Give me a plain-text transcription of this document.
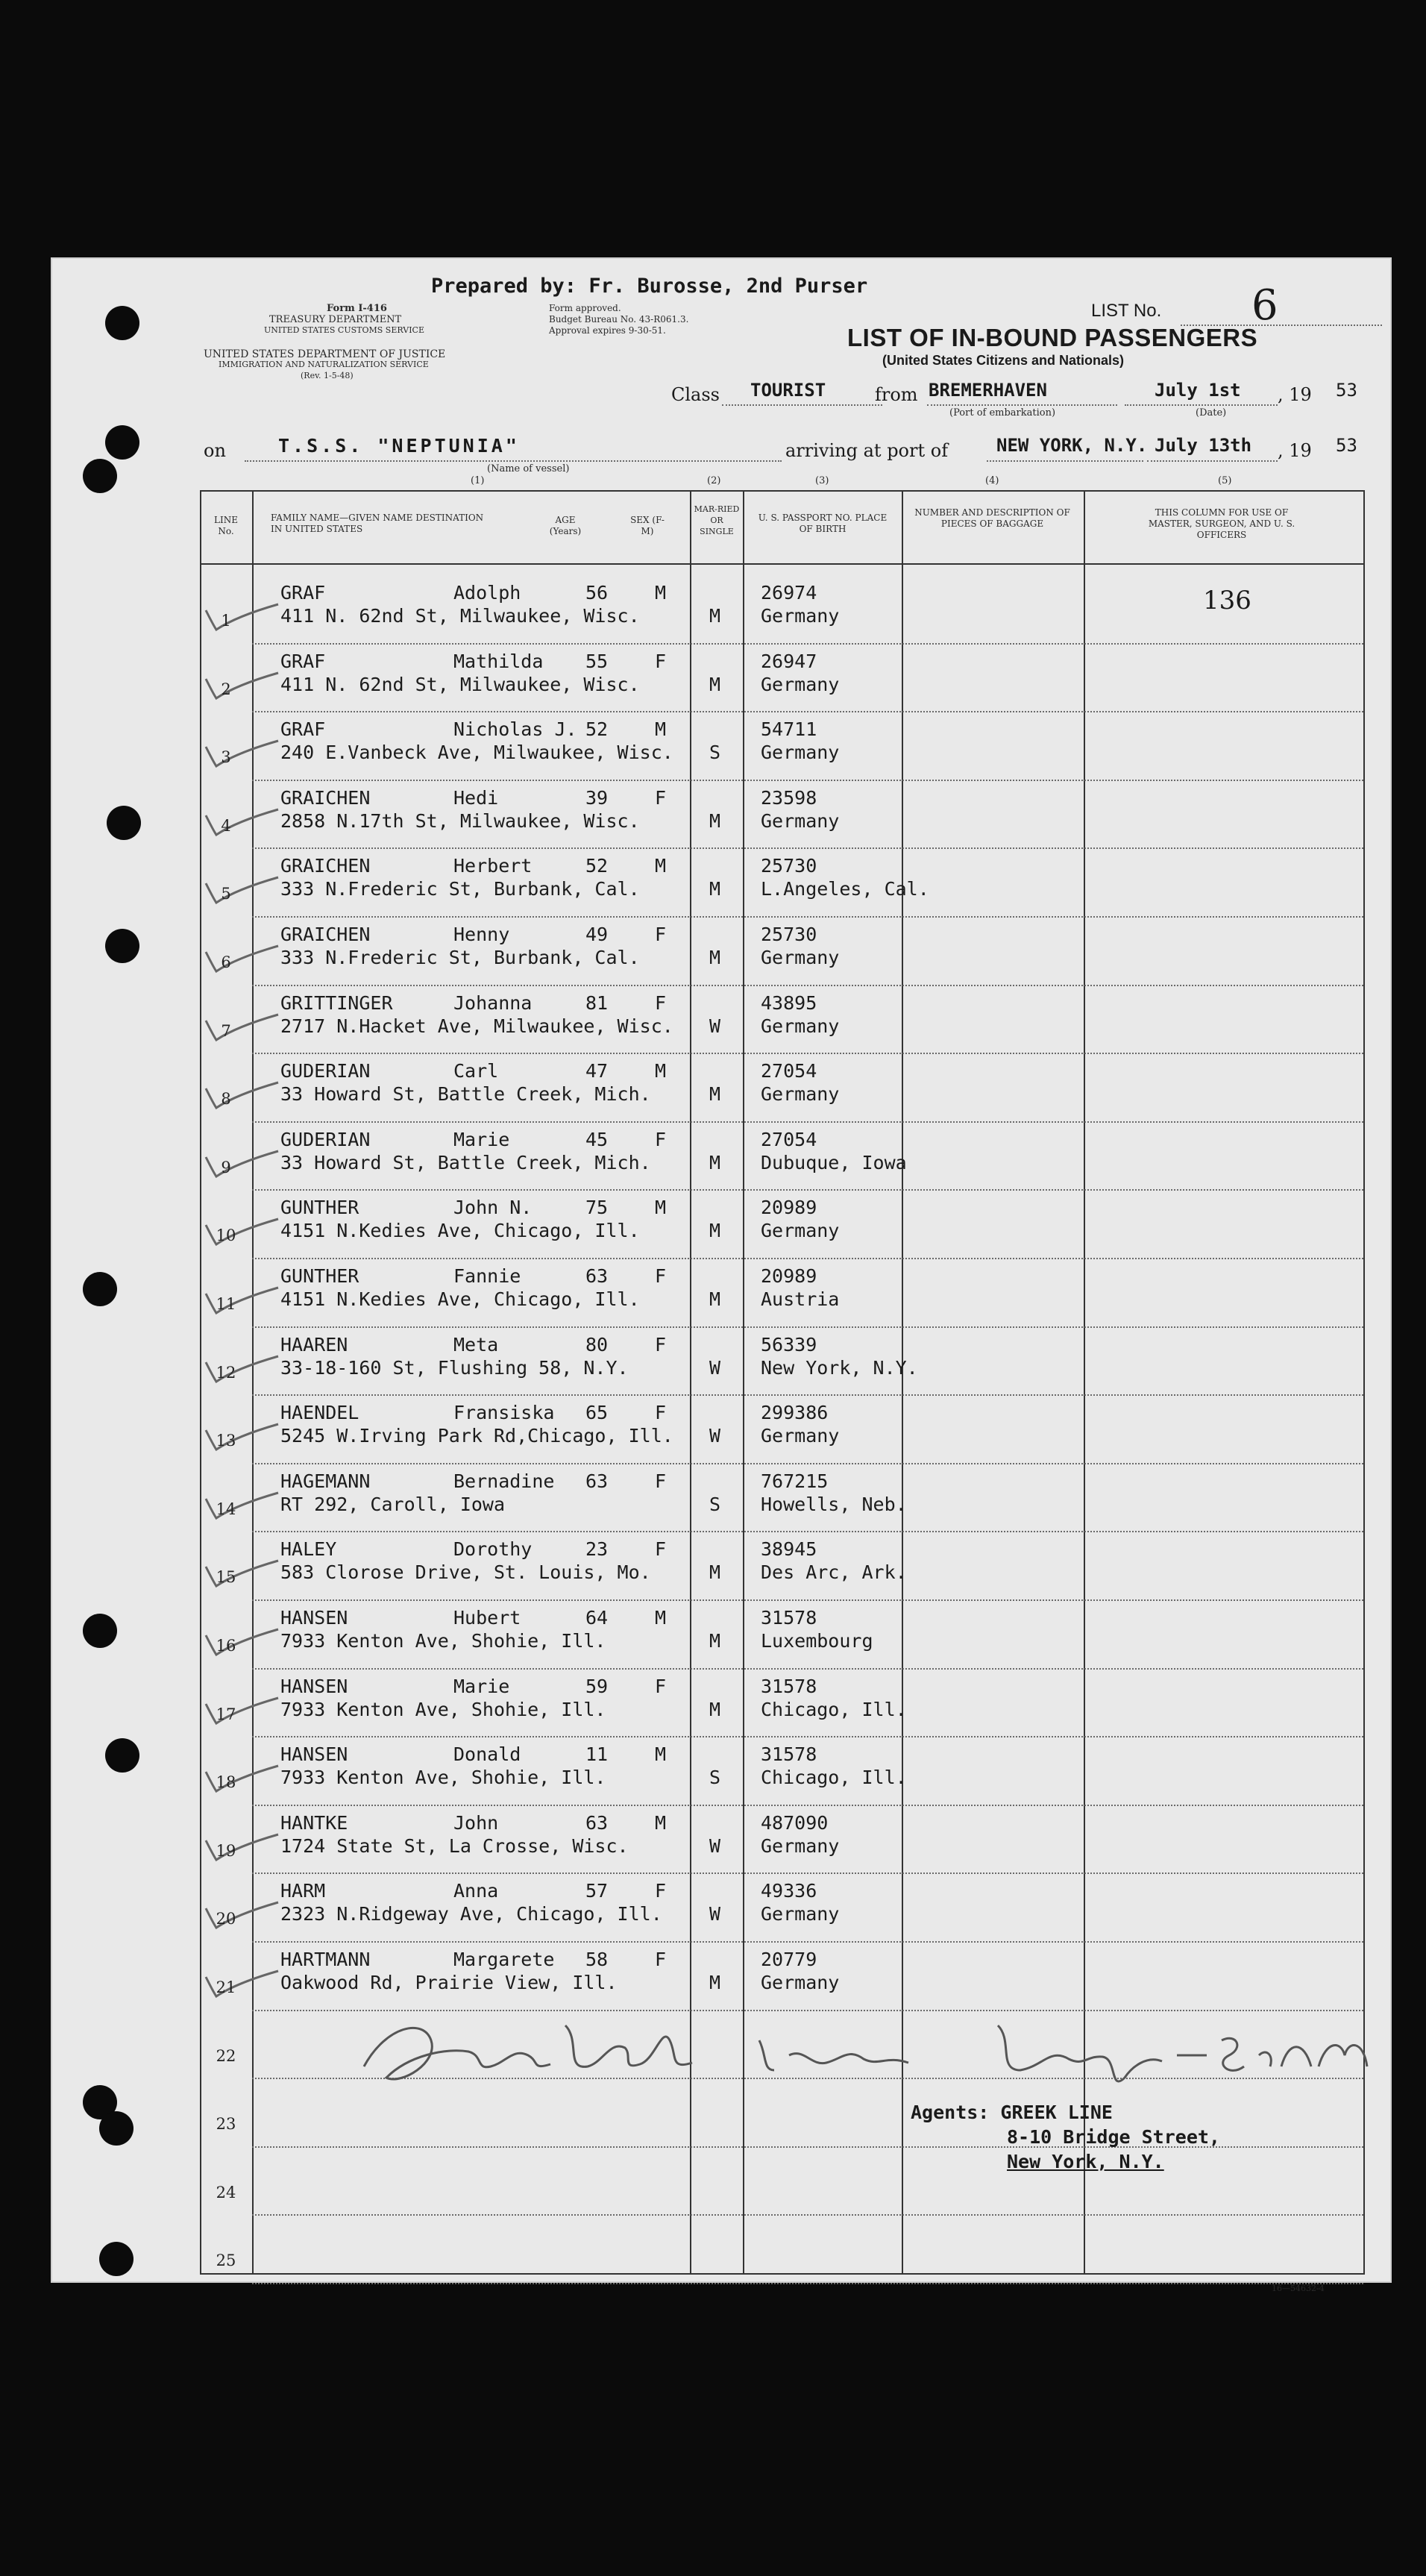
Prepared by: Fr. Burosse, 2nd Purser
Form I-416
TREASURY DEPARTMENT
UNITED STATES CUSTOMS SERVICE
Form approved.
Budget Bureau No. 43-R061.3.
Approval expires 9-30-51.
UNITED STATES DEPARTMENT OF JUSTICE
IMMIGRATION AND NATURALIZATION SERVICE
(Rev. 1-5-48)
LIST No. 6
LIST OF IN-BOUND PASSENGERS
(United States Citizens and Nationals)
Class TOURIST	from BREMERHAVEN
(Port of embarkation)
July 1st
(Date)
, 19 53
on	T.S.S. "NEPTUNIA"
(Name of vessel)
(1)
arriving at port of	NEW YORK, N.Y. July 13th , 19 53
LINE No.
FAMILY NAME—GIVEN NAME DESTINATION IN UNITED STATES
AGE (Years)
SEX (F-M)
MAR-RIED OR SINGLE
U. S. PASSPORT NO. PLACE OF BIRTH
NUMBER AND DESCRIPTION OF PIECES OF BAGGAGE
THIS COLUMN FOR USE OF MASTER, SURGEON, AND U. S. OFFICERS
(2)	(3)	(4)	(5)
136
GRAF	Adolph	56	M
411 N. 62nd St, Milwaukee, Wisc.	M
26974
Germany
1
GRAF	Mathilda 55	F
411 N. 62nd St, Milwaukee, Wisc.	M
26947
Germany
2
GRAF	Nicholas J. 52	M
240 E.Vanbeck Ave, Milwaukee, Wisc. S
54711
Germany
3
GRAICHEN	Hedi	39	F
2858 N.17th St, Milwaukee, Wisc.	M
23598
Germany
4
GRAICHEN	Herbert	52	M
333 N.Frederic St, Burbank, Cal.	M
25730
L.Angeles, Cal.
5
GRAICHEN	Henny	49	F
333 N.Frederic St, Burbank, Cal.	M
25730
Germany
6
GRITTINGER	Johanna	81	F
2717 N.Hacket Ave, Milwaukee, Wisc. W
43895
Germany
7
GUDERIAN	Carl	47	M
33 Howard St, Battle Creek, Mich.	M
27054
Germany
8
GUDERIAN	Marie	45	F
33 Howard St, Battle Creek, Mich.	M
27054
Dubuque, Iowa
9
GUNTHER	John N.	75	M
4151 N.Kedies Ave, Chicago, Ill.	M
20989
Germany
10
GUNTHER	Fannie	63	F
4151 N.Kedies Ave, Chicago, Ill.	M
20989
Austria
11
HAAREN	Meta	80	F
33-18-160 St, Flushing 58, N.Y.	W
56339
New York, N.Y.
12
HAENDEL	Fransiska 65	F
5245 W.Irving Park Rd,Chicago, Ill. W
299386
Germany
13
HAGEMANN	Bernadine 63	F
RT 292, Caroll, Iowa	S
767215
Howells, Neb.
14
HALEY	Dorothy	23	F
583 Clorose Drive, St. Louis, Mo.	M
38945
Des Arc, Ark.
15
HANSEN	Hubert	64	M
7933 Kenton Ave, Shohie, Ill.	M
31578
Luxembourg
16
HANSEN	Marie	59	F
7933 Kenton Ave, Shohie, Ill.	M
31578
Chicago, Ill.
17
HANSEN	Donald	11	M
7933 Kenton Ave, Shohie, Ill.	S
31578
Chicago, Ill.
18
HANTKE	John	63	M
1724 State St, La Crosse, Wisc.	W
487090
Germany
19
HARM	Anna	57	F
2323 N.Ridgeway Ave, Chicago, Ill.	W
49336
Germany
20
HARTMANN	Margarete 58	F
Oakwood Rd, Prairie View, Ill.	M
20779
Germany
21
22
23
24
25
Agents: GREEK LINE
8-10 Bridge Street,
New York, N.Y.
16—54632-4
